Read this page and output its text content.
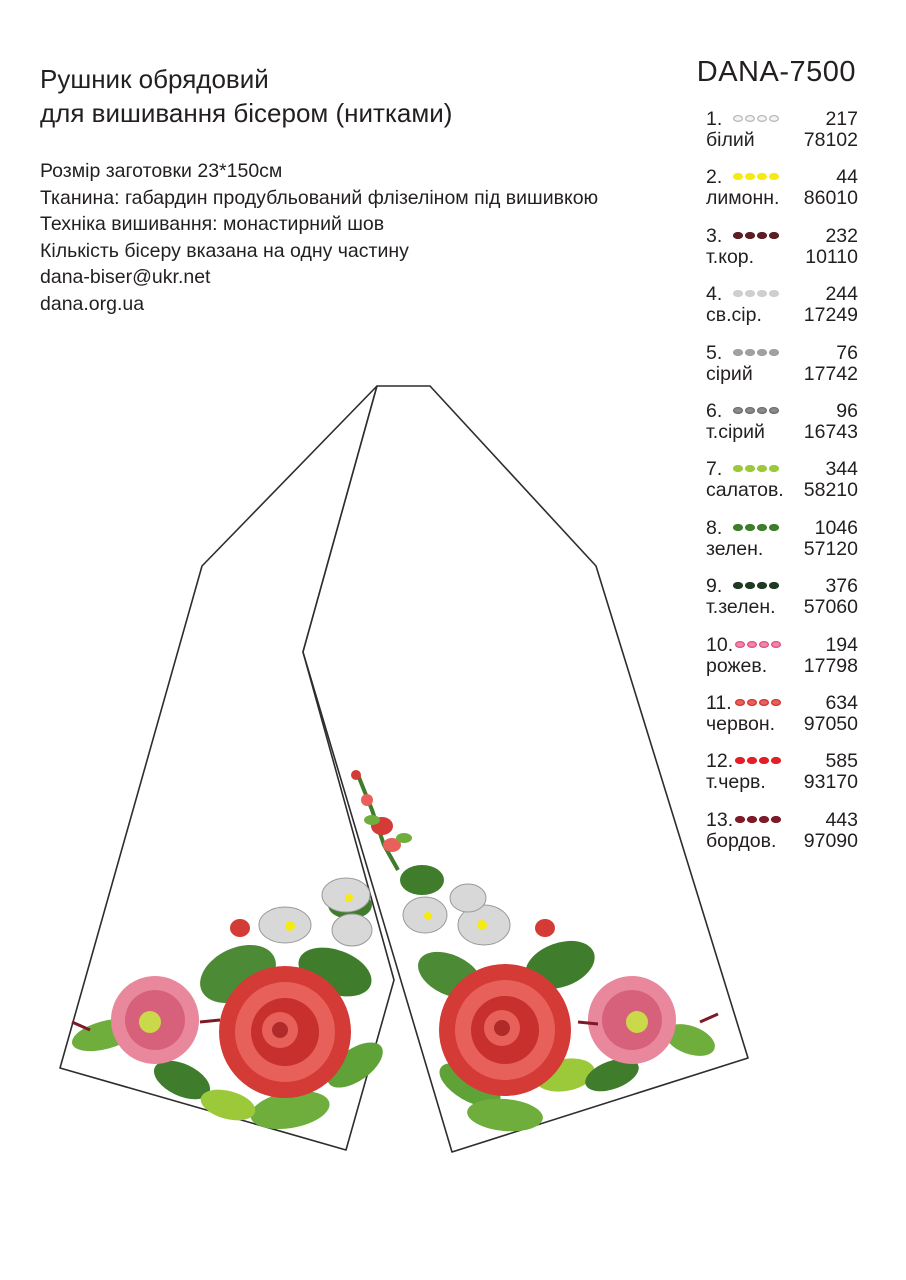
Рушник обрядовий
для вишивання бісером (нитками)
DANA-7500
Розмір заготовки 23*150см
Тканина: габардин продубльований флізеліном під вишивкою
Техніка вишивання: монастирний шов
Кількість бісеру вказана на одну частину
dana-biser@ukr.net
dana.org.ua
1.	217
білий	78102
2.	44
лимонн. 86010
3.	232
т.кор.	10110
4.	244
св.сір. 17249
5.	76
сірий	17742
6.	96
т.сірий 16743
7.	344
салатов. 58210
8.	1046
зелен. 57120
9.	376
т.зелен. 57060
10.	194
рожев. 17798
11.	634
червон. 97050
12.	585
т.черв. 93170
13.	443
бордов. 97090
